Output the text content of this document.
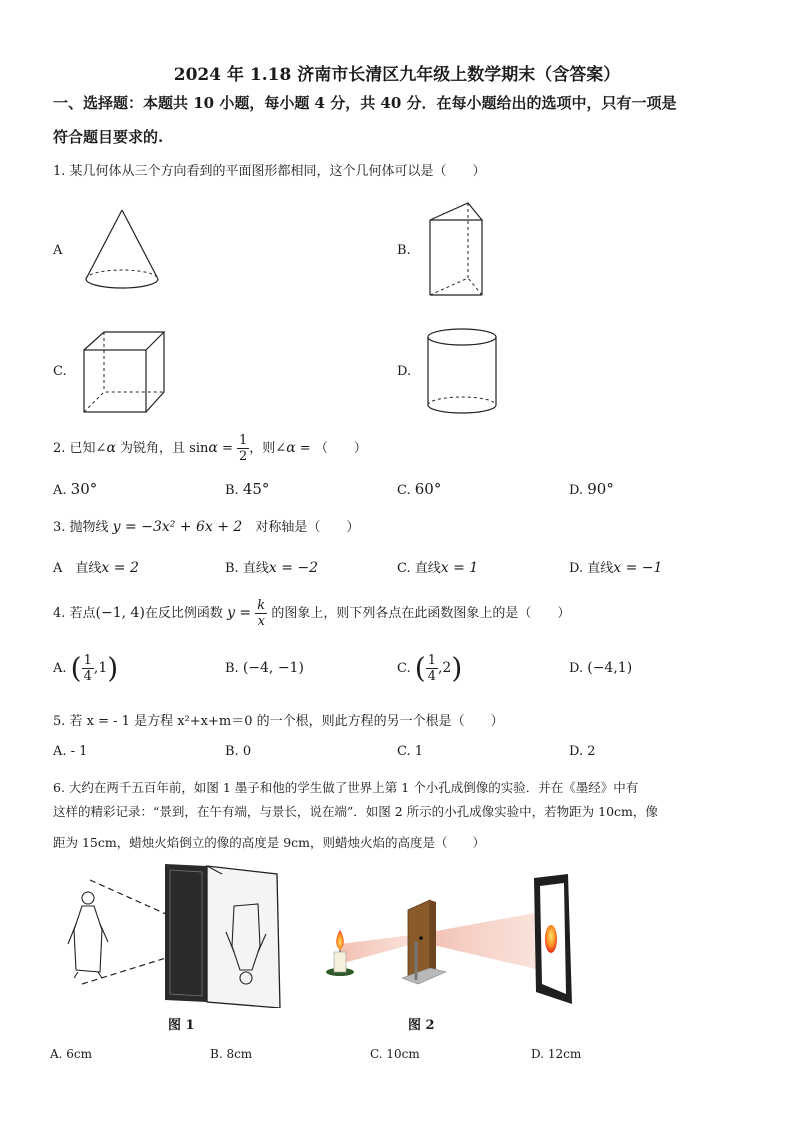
2024 年 1.18 济南市长清区九年级上数学期末（含答案）
一、选择题：本题共 10 小题，每小题 4 分，共 40 分．在每小题给出的选项中，只有一项是
符合题目要求的.
1. 某几何体从三个方向看到的平面图形都相同，这个几何体可以是（　　）
A	B.
C.	D.
2. 已知∠α 为锐角，且 $\sin\alpha = \frac{1}{2}$ ，则∠α = （　　）
A. 30°	B. 45°	C. 60°	D. 90°
3. 抛物线 y = −3x² + 6x + 2　对称轴是（　　）
A　 直线x = 2	B. 直线x = −2	C. 直线x = 1	D. 直线x = −1
4. 若点(−1, 4)在反比例函数 $y = \frac{k}{x}$ 的图象上，则下列各点在此函数图象上的是（　　）
A. ( $\frac{1}{4} ,1$)	B. (−4, −1)	C. ( $\frac{1}{4} ,2$)	D. (−4,1)
5. 若 x = ‑ 1 是方程 x²+x+m＝0 的一个根，则此方程的另一个根是（　　）
A. ‑ 1	B. 0	C. 1	D. 2
6. 大约在两千五百年前，如图 1 墨子和他的学生做了世界上第 1 个小孔成倒像的实验．并在《墨经》中有
这样的精彩记录：“景到，在午有端，与景长，说在端”．如图 2 所示的小孔成像实验中，若物距为 10cm，像
距为 15cm，蜡烛火焰倒立的像的高度是 9cm，则蜡烛火焰的高度是（　　）
图 1	图 2
A. 6cm	B. 8cm	C. 10cm	D. 12cm
